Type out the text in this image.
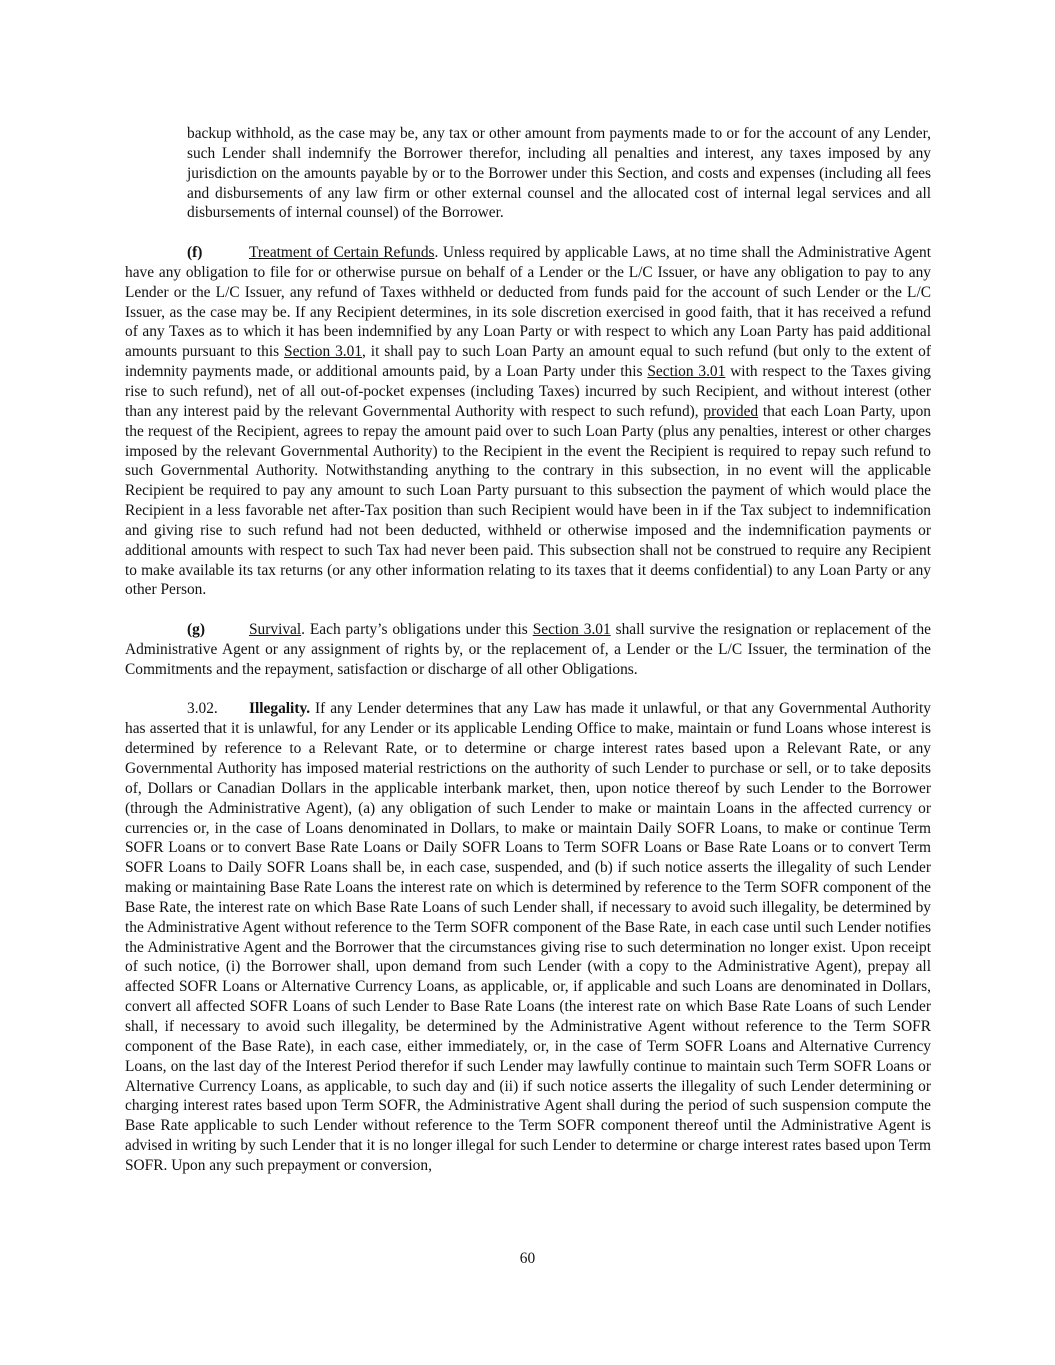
backup withhold, as the case may be, any tax or other amount from payments made to or for the account of any Lender, such Lender shall indemnify the Borrower therefor, including all penalties and interest, any taxes imposed by any jurisdiction on the amounts payable by or to the Borrower under this Section, and costs and expenses (including all fees and disbursements of any law firm or other external counsel and the allocated cost of internal legal services and all disbursements of internal counsel) of the Borrower.

(f)	Treatment of Certain Refunds. Unless required by applicable Laws, at no time shall the Administrative Agent have any obligation to file for or otherwise pursue on behalf of a Lender or the L/C Issuer, or have any obligation to pay to any Lender or the L/C Issuer, any refund of Taxes withheld or deducted from funds paid for the account of such Lender or the L/C Issuer, as the case may be. If any Recipient determines, in its sole discretion exercised in good faith, that it has received a refund of any Taxes as to which it has been indemnified by any Loan Party or with respect to which any Loan Party has paid additional amounts pursuant to this Section 3.01, it shall pay to such Loan Party an amount equal to such refund (but only to the extent of indemnity payments made, or additional amounts paid, by a Loan Party under this Section 3.01 with respect to the Taxes giving rise to such refund), net of all out-of-pocket expenses (including Taxes) incurred by such Recipient, and without interest (other than any interest paid by the relevant Governmental Authority with respect to such refund), provided that each Loan Party, upon the request of the Recipient, agrees to repay the amount paid over to such Loan Party (plus any penalties, interest or other charges imposed by the relevant Governmental Authority) to the Recipient in the event the Recipient is required to repay such refund to such Governmental Authority. Notwithstanding anything to the contrary in this subsection, in no event will the applicable Recipient be required to pay any amount to such Loan Party pursuant to this subsection the payment of which would place the Recipient in a less favorable net after-Tax position than such Recipient would have been in if the Tax subject to indemnification and giving rise to such refund had not been deducted, withheld or otherwise imposed and the indemnification payments or additional amounts with respect to such Tax had never been paid. This subsection shall not be construed to require any Recipient to make available its tax returns (or any other information relating to its taxes that it deems confidential) to any Loan Party or any other Person.

(g)	Survival. Each party’s obligations under this Section 3.01 shall survive the resignation or replacement of the Administrative Agent or any assignment of rights by, or the replacement of, a Lender or the L/C Issuer, the termination of the Commitments and the repayment, satisfaction or discharge of all other Obligations.

3.02. Illegality. If any Lender determines that any Law has made it unlawful, or that any Governmental Authority has asserted that it is unlawful, for any Lender or its applicable Lending Office to make, maintain or fund Loans whose interest is determined by reference to a Relevant Rate, or to determine or charge interest rates based upon a Relevant Rate, or any Governmental Authority has imposed material restrictions on the authority of such Lender to purchase or sell, or to take deposits of, Dollars or Canadian Dollars in the applicable interbank market, then, upon notice thereof by such Lender to the Borrower (through the Administrative Agent), (a) any obligation of such Lender to make or maintain Loans in the affected currency or currencies or, in the case of Loans denominated in Dollars, to make or maintain Daily SOFR Loans, to make or continue Term SOFR Loans or to convert Base Rate Loans or Daily SOFR Loans to Term SOFR Loans or Base Rate Loans or to convert Term SOFR Loans to Daily SOFR Loans shall be, in each case, suspended, and (b) if such notice asserts the illegality of such Lender making or maintaining Base Rate Loans the interest rate on which is determined by reference to the Term SOFR component of the Base Rate, the interest rate on which Base Rate Loans of such Lender shall, if necessary to avoid such illegality, be determined by the Administrative Agent without reference to the Term SOFR component of the Base Rate, in each case until such Lender notifies the Administrative Agent and the Borrower that the circumstances giving rise to such determination no longer exist. Upon receipt of such notice, (i) the Borrower shall, upon demand from such Lender (with a copy to the Administrative Agent), prepay all affected SOFR Loans or Alternative Currency Loans, as applicable, or, if applicable and such Loans are denominated in Dollars, convert all affected SOFR Loans of such Lender to Base Rate Loans (the interest rate on which Base Rate Loans of such Lender shall, if necessary to avoid such illegality, be determined by the Administrative Agent without reference to the Term SOFR component of the Base Rate), in each case, either immediately, or, in the case of Term SOFR Loans and Alternative Currency Loans, on the last day of the Interest Period therefor if such Lender may lawfully continue to maintain such Term SOFR Loans or Alternative Currency Loans, as applicable, to such day and (ii) if such notice asserts the illegality of such Lender determining or charging interest rates based upon Term SOFR, the Administrative Agent shall during the period of such suspension compute the Base Rate applicable to such Lender without reference to the Term SOFR component thereof until the Administrative Agent is advised in writing by such Lender that it is no longer illegal for such Lender to determine or charge interest rates based upon Term SOFR. Upon any such prepayment or conversion,

60
